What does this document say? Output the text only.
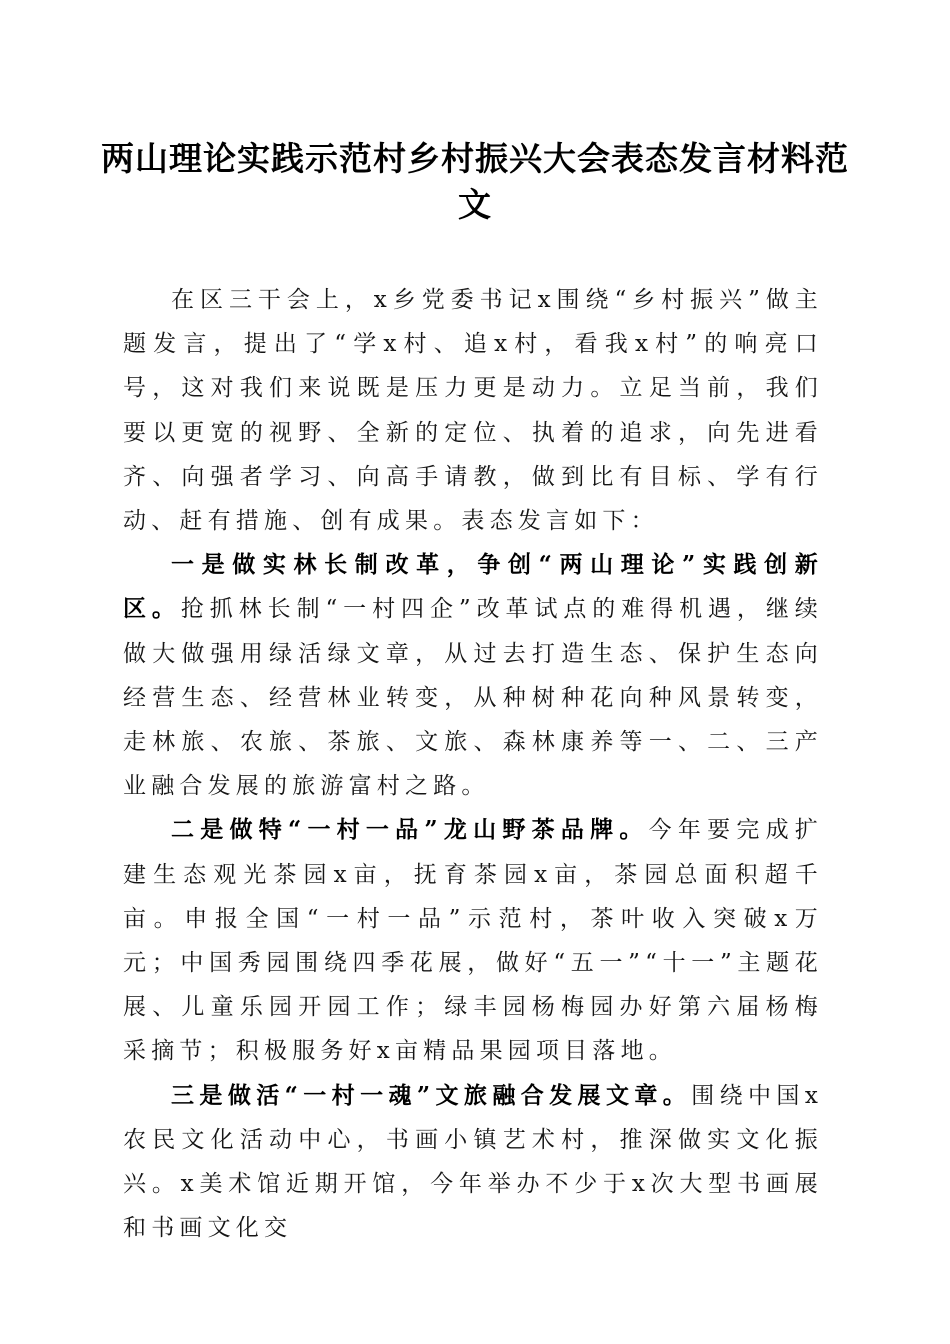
两山理论实践示范村乡村振兴大会表态发言材料范文

在区三干会上，x乡党委书记x围绕“乡村振兴”做主题发言，提出了“学x村、追x村，看我x村”的响亮口号，这对我们来说既是压力更是动力。立足当前，我们要以更宽的视野、全新的定位、执着的追求，向先进看齐、向强者学习、向高手请教，做到比有目标、学有行动、赶有措施、创有成果。表态发言如下：

一是做实林长制改革，争创“两山理论”实践创新区。抢抓林长制“一村四企”改革试点的难得机遇，继续做大做强用绿活绿文章，从过去打造生态、保护生态向经营生态、经营林业转变，从种树种花向种风景转变，走林旅、农旅、茶旅、文旅、森林康养等一、二、三产业融合发展的旅游富村之路。

二是做特“一村一品”龙山野茶品牌。今年要完成扩建生态观光茶园x亩，抚育茶园x亩，茶园总面积超千亩。申报全国“一村一品”示范村，茶叶收入突破x万元；中国秀园围绕四季花展，做好“五一”“十一”主题花展、儿童乐园开园工作；绿丰园杨梅园办好第六届杨梅采摘节；积极服务好x亩精品果园项目落地。

三是做活“一村一魂”文旅融合发展文章。围绕中国x农民文化活动中心，书画小镇艺术村，推深做实文化振兴。x美术馆近期开馆，今年举办不少于x次大型书画展和书画文化交
